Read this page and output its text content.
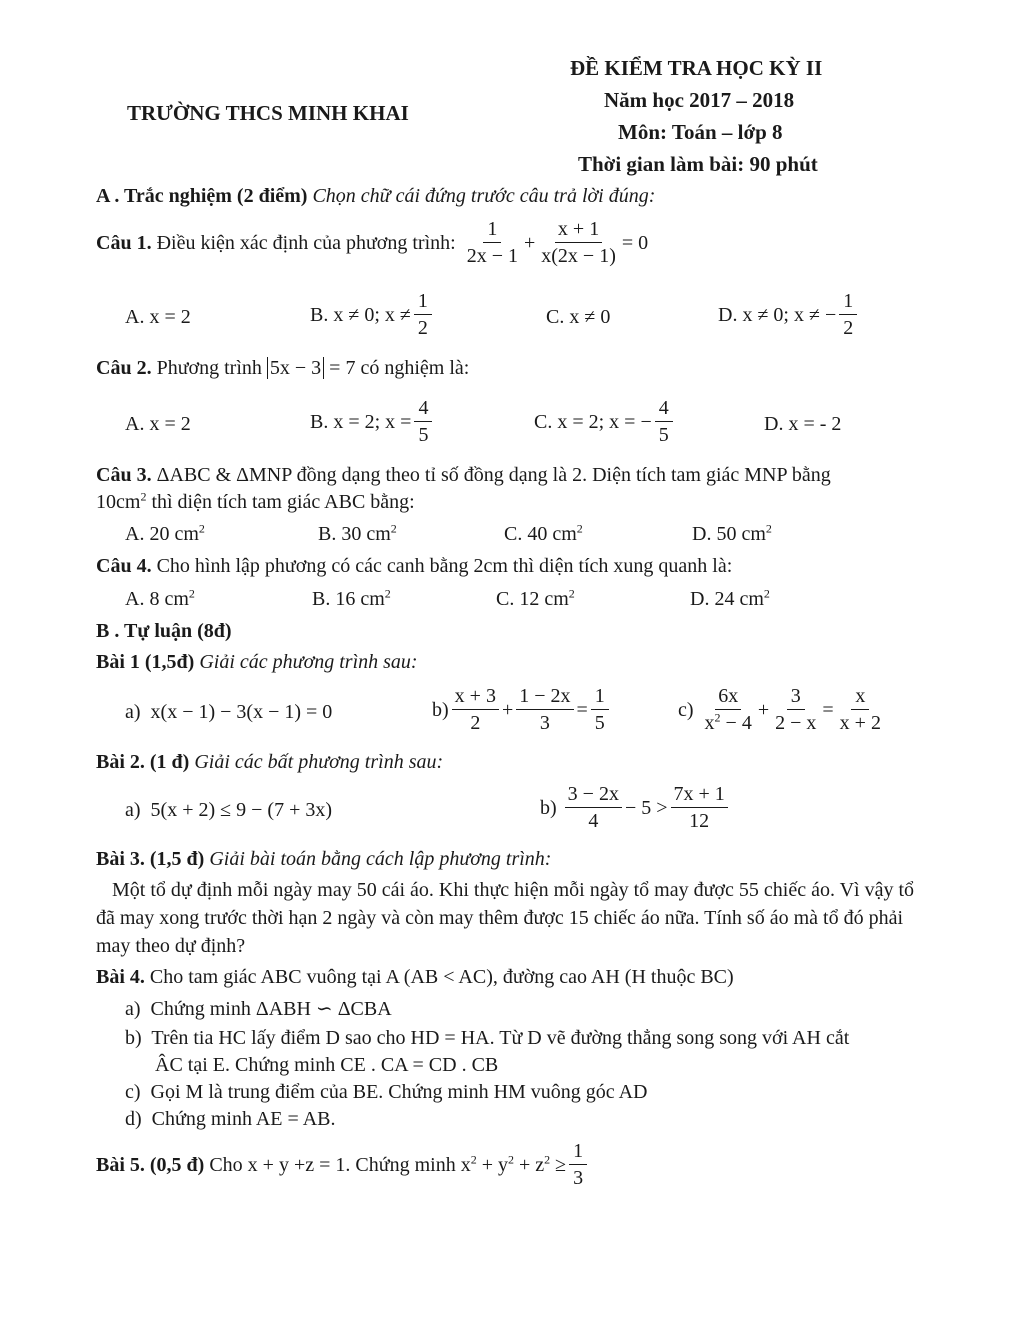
ĐỀ KIỂM TRA HỌC KỲ II
TRƯỜNG THCS MINH KHAI
Năm học 2017 – 2018
Môn: Toán – lớp 8
Thời gian làm bài: 90 phút
A . Trắc nghiệm (2 điểm) Chọn chữ cái đứng trước câu trả lời đúng:
Câu 1.
Điều kiện xác định của phương trình:
$\frac{1}{2x - 1} + \frac{x + 1}{x(2x - 1)} = 0$
A. x = 2	B. x ≠ 0; $x \ne \frac{1}{2}$	C. x ≠ 0	D. x ≠ 0; x ≠ − $\frac{1}{2}$
Câu 2. Phương trình 5x − 3 = 7 có nghiệm là:
A. x = 2	B. x = 2; $x = \frac{4}{5}$	C. x = 2; x = − $\frac{4}{5}$	D. x = - 2
Câu 3. ΔABC & ΔMNP đồng dạng theo tỉ số đồng dạng là 2. Diện tích tam giác MNP bằng
$10cm^2$ thì diện tích tam giác ABC bằng:
A. 20 $cm^2$	B. 30 $cm^2$	C. 40 $cm^2$	D. 50 $cm^2$
Câu 4. Cho hình lập phương có các canh bằng 2cm thì diện tích xung quanh là:
A. 8 $cm^2$	B. 16 $cm^2$	C. 12 $cm^2$	D. 24 $cm^2$
B . Tự luận (8đ)
Bài 1 (1,5đ) Giải các phương trình sau:
a) x(x − 1) − 3(x − 1) = 0	$b) \frac{x + 3}{2} + \frac{1 - 2x}{3} = \frac{1}{5}$	c)
$\frac{6x}{x^2 - 4} + \frac{3}{2 - x} = \frac{x}{x + 2}$
Bài 2. (1 đ) Giải các bất phương trình sau:
a) 5(x + 2) ≤ 9 − (7 + 3x)	b)
$\frac{3 - 2x}{4} - 5 > \frac{7x + 1}{12}$
Bài 3. (1,5 đ) Giải bài toán bằng cách lập phương trình:
Một tổ dự định mỗi ngày may 50 cái áo. Khi thực hiện mỗi ngày tổ may được 55 chiếc áo. Vì vậy tổ đã may xong trước thời hạn 2 ngày và còn may thêm được 15 chiếc áo nữa. Tính số áo mà tổ đó phải may theo dự định?
Bài 4. Cho tam giác ABC vuông tại A (AB < AC), đường cao AH (H thuộc BC)
a) Chứng minh ΔABH ∽ ΔCBA
b) Trên tia HC lấy điểm D sao cho HD = HA. Từ D vẽ đường thẳng song song với AH cắt
ÂC tại E. Chứng minh CE . CA = CD . CB
c) Gọi M là trung điểm của BE. Chứng minh HM vuông góc AD
d) Chứng minh AE = AB.
Bài 5. (0,5 đ)
Cho x + y +z = 1. Chứng minh
$x^2 + y^2 + z^2 \ge \frac{1}{3}$
